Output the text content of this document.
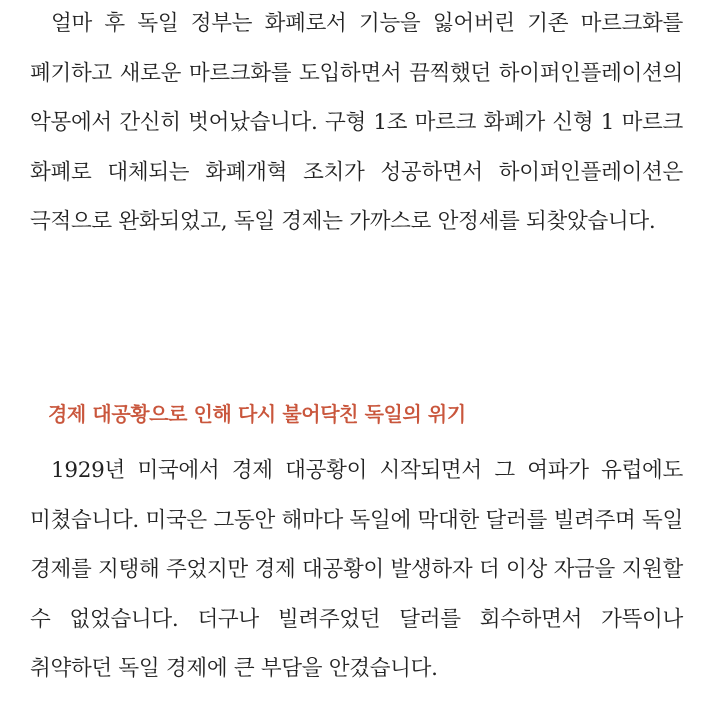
얼마 후 독일 정부는 화폐로서 기능을 잃어버린 기존 마르크화를 폐기하고 새로운 마르크화를 도입하면서 끔찍했던 하이퍼인플레이션의 악몽에서 간신히 벗어났습니다. 구형 1조 마르크 화폐가 신형 1 마르크 화폐로 대체되는 화폐개혁 조치가 성공하면서 하이퍼인플레이션은 극적으로 완화되었고, 독일 경제는 가까스로 안정세를 되찾았습니다.

경제 대공황으로 인해 다시 불어닥친 독일의 위기

1929년 미국에서 경제 대공황이 시작되면서 그 여파가 유럽에도 미쳤습니다. 미국은 그동안 해마다 독일에 막대한 달러를 빌려주며 독일 경제를 지탱해 주었지만 경제 대공황이 발생하자 더 이상 자금을 지원할 수 없었습니다. 더구나 빌려주었던 달러를 회수하면서 가뜩이나 취약하던 독일 경제에 큰 부담을 안겼습니다.
